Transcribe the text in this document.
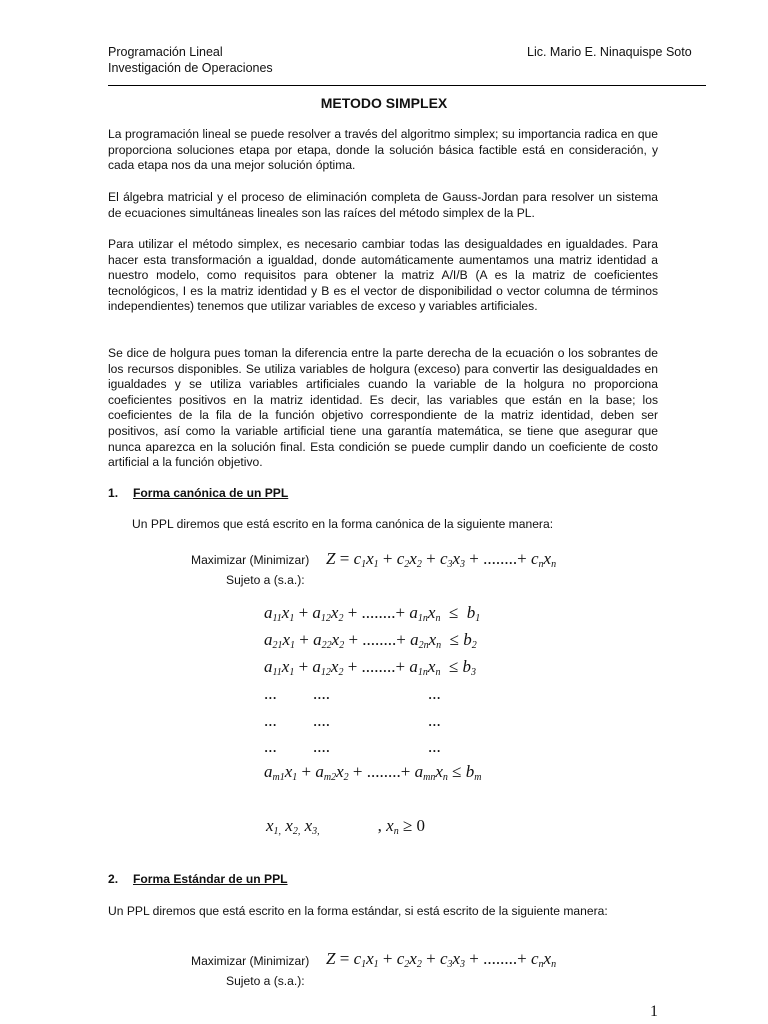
Programación Lineal
Investigación de Operaciones
Lic. Mario E. Ninaquispe Soto
METODO SIMPLEX

La programación lineal se puede resolver a través del algoritmo simplex; su importancia radica en que proporciona soluciones etapa por etapa, donde la solución básica factible está en consideración, y cada etapa nos da una mejor solución óptima.

El álgebra matricial y el proceso de eliminación completa de Gauss-Jordan para resolver un sistema de ecuaciones simultáneas lineales son las raíces del método simplex de la PL.

Para utilizar el método simplex, es necesario cambiar todas las desigualdades en igualdades. Para hacer esta transformación a igualdad, donde automáticamente aumentamos una matriz identidad a nuestro modelo, como requisitos para obtener la matriz A/I/B (A es la matriz de coeficientes tecnológicos, I es la matriz identidad y B es el vector de disponibilidad o vector columna de términos independientes) tenemos que utilizar variables de exceso y variables artificiales.

Se dice de holgura pues toman la diferencia entre la parte derecha de la ecuación o los sobrantes de los recursos disponibles. Se utiliza variables de holgura (exceso) para convertir las desigualdades en igualdades y se utiliza variables artificiales cuando la variable de la holgura no proporciona coeficientes positivos en la matriz identidad. Es decir, las variables que están en la base; los coeficientes de la fila de la función objetivo correspondiente de la matriz identidad, deben ser positivos, así como la variable artificial tiene una garantía matemática, se tiene que asegurar que nunca aparezca en la solución final. Esta condición se puede cumplir dando un coeficiente de costo artificial a la función objetivo.

1. Forma canónica de un PPL
Un PPL diremos que está escrito en la forma canónica de la siguiente manera:
Maximizar (Minimizar) $Z = c_1x_1 + c_2x_2 + c_3x_3$ + ........+ $c_nx_n$
Sujeto a (s.a.):
$a_{11}x_1 + a_{12}x_2$ + ........+ $a_{1n}x_n \le b_1$
$a_{21}x_1 + a_{22}x_2$ + ........+ $a_{2n}x_n \le b_2$
$a_{11}x_1 + a_{12}x_2$ + ........+ $a_{1n}x_n \le b_3$
... ....	...
... ....	...
... ....	...
$a_{m1}x_1 + a_{m2}x_2$ + ........+ $a_{mn}x_n \le b_m$
$x_{1,}$ $x_{2,}$ $x_{3,}$	, $x_n \ge 0$
2. Forma Estándar de un PPL
Un PPL diremos que está escrito en la forma estándar, si está escrito de la siguiente manera:
Maximizar (Minimizar) $Z = c_1x_1 + c_2x_2 + c_3x_3$ + ........+ $c_nx_n$
Sujeto a (s.a.):
1
